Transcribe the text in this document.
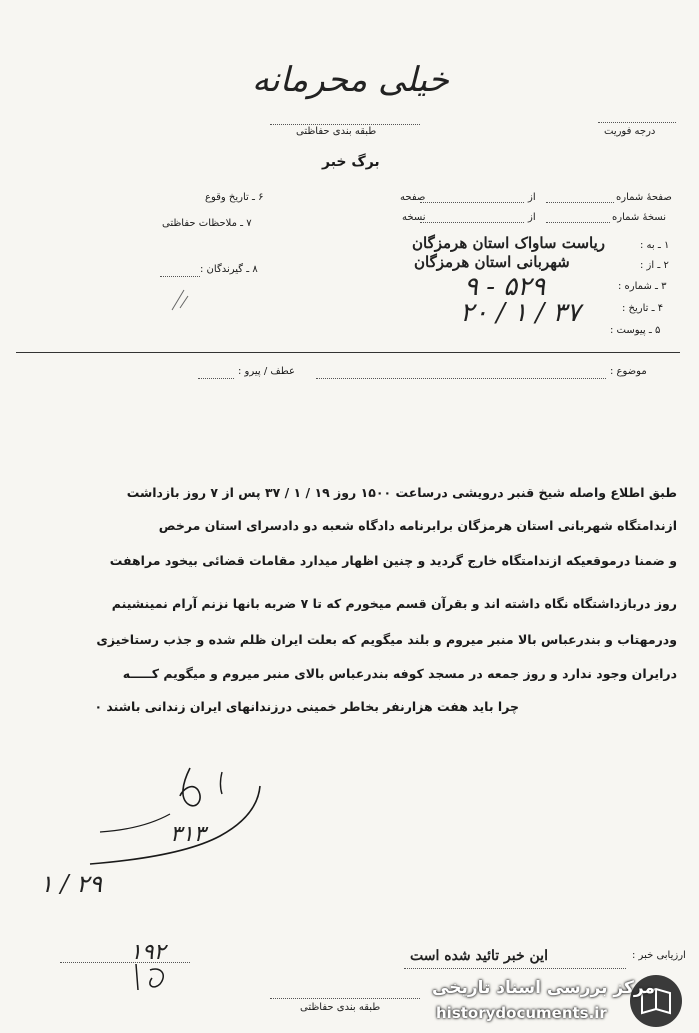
خیلی محرمانه
طبقه بندی حفاظتی	درجه فوریت
برگ خبر
صفحهٔ شماره
از
صفحه
نسخهٔ شماره
از
نسخه
۱ ـ به :
ریاست ساواک استان هرمزگان
۲ ـ از :
شهربانی استان هرمزگان
۳ ـ شماره :
۵۲۹ - ۹
۴ ـ تاریخ :
۳۷ / ۱ / ۲۰
۵ ـ پیوست :
۶ ـ تاریخ وقوع
۷ ـ ملاحظات حفاظتی
۸ ـ گیرندگان :
موضوع :
عطف / پیرو :
طبق اطلاع واصله شیخ قنبر درویشی درساعت ۱۵۰۰ روز ۱۹ / ۱ / ۳۷ پس از ۷ روز بازداشت
ازندامتگاه شهربانی استان هرمزگان برابرنامه دادگاه شعبه دو دادسرای استان مرخص
و ضمنا درموقعیکه ازندامتگاه خارج گردید و چنین اظهار میدارد مقامات قضائی بیخود مراهفت
روز دربازداشتگاه نگاه داشته اند و بقرآن قسم میخورم که تا ۷ ضربه بانها نزنم آرام نمینشینم
ودرمهتاب و بندرعباس بالا منبر میروم و بلند میگویم که بعلت ایران ظلم شده و جذب رستاخیزی
درایران وجود ندارد و روز جمعه در مسجد کوفه بندرعباس بالای منبر میروم و میگویم کـــــه
چرا باید هفت هزارنفر بخاطر خمینی درزندانهای ایران زندانی باشند ۰
۳۱۳
۱ / ۲۹
۱۹۲	ارزیابی خبر :
این خبر تائید شده است
طبقه بندی حفاظتی
مرکز بررسی اسناد تاریخی
historydocuments.ir
